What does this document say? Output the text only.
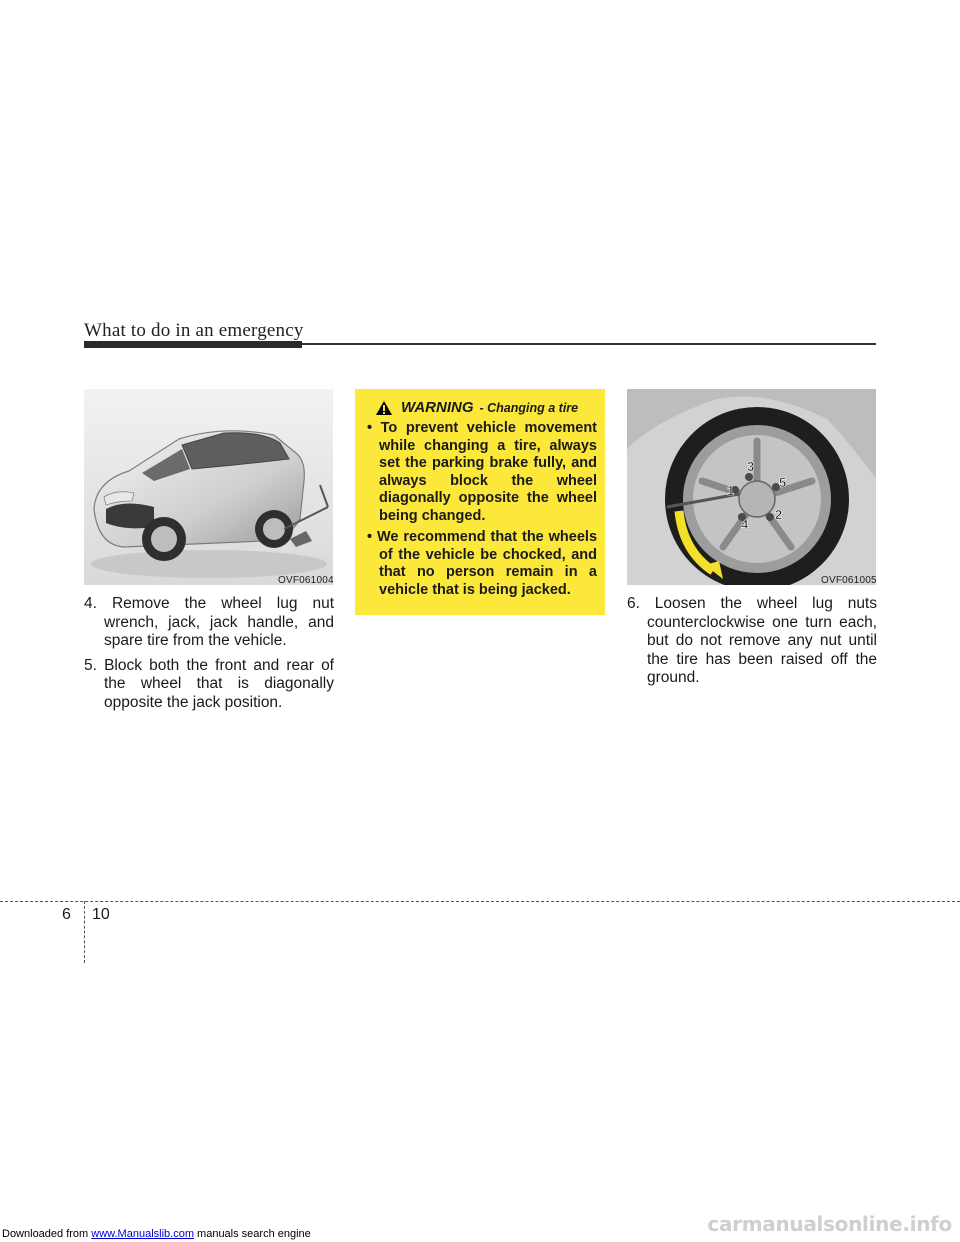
What to do in an emergency
OVF061004

4. Remove the wheel lug nut wrench, jack, jack handle, and spare tire from the vehicle.

5. Block both the front and rear of the wheel that is diagonally opposite the jack position.

WARNING - Changing a tire
• To prevent vehicle movement while changing a tire, always set the parking brake fully, and always block the wheel diagonally opposite the wheel being changed.
• We recommend that the wheels of the vehicle be chocked, and that no person remain in a vehicle that is being jacked.
1
2
3
4
5
OVF061005

6. Loosen the wheel lug nuts counterclockwise one turn each, but do not remove any nut until the tire has been raised off the ground.

6 10
Downloaded from www.Manualslib.com manuals search engine	carmanualsonline.info
